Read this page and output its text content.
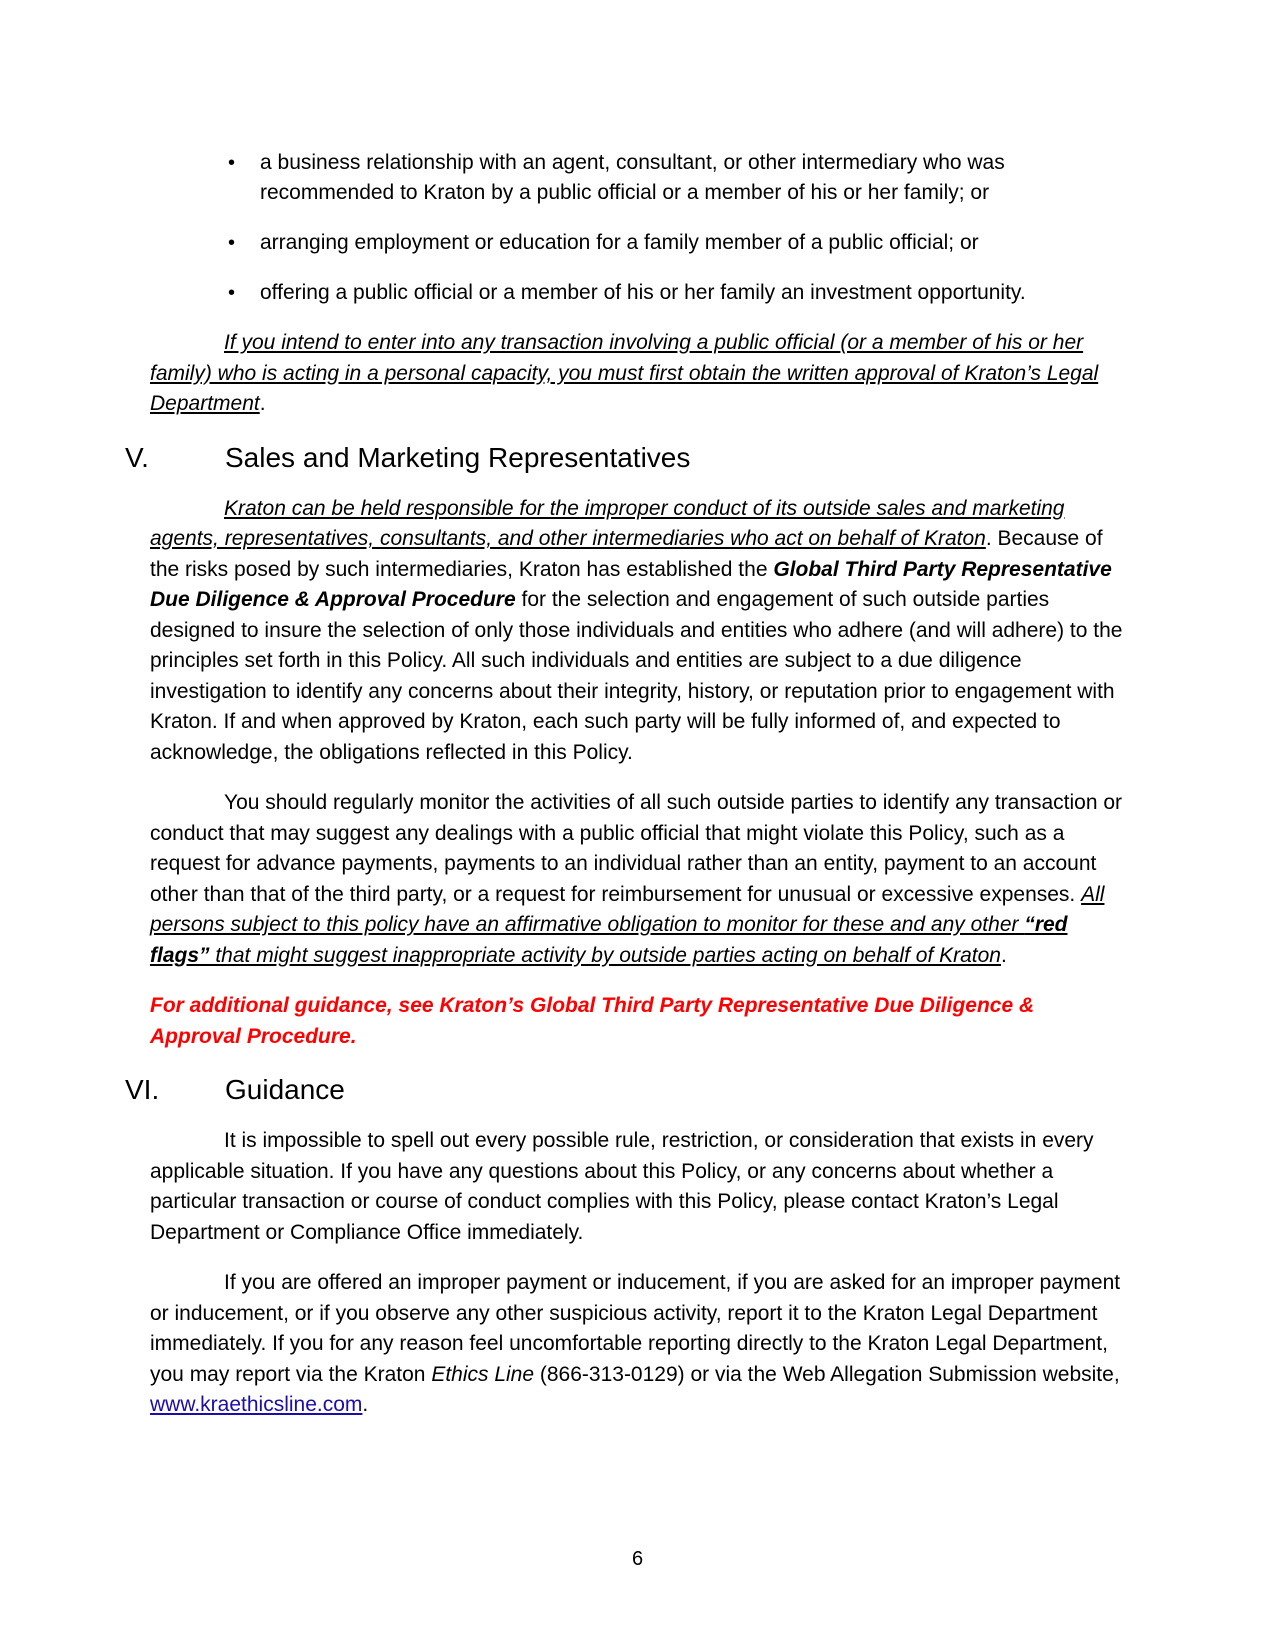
• a business relationship with an agent, consultant, or other intermediary who was recommended to Kraton by a public official or a member of his or her family; or
• arranging employment or education for a family member of a public official; or
• offering a public official or a member of his or her family an investment opportunity.

If you intend to enter into any transaction involving a public official (or a member of his or her family) who is acting in a personal capacity, you must first obtain the written approval of Kraton’s Legal Department.

V.	Sales and Marketing Representatives

Kraton can be held responsible for the improper conduct of its outside sales and marketing agents, representatives, consultants, and other intermediaries who act on behalf of Kraton. Because of the risks posed by such intermediaries, Kraton has established the Global Third Party Representative Due Diligence & Approval Procedure for the selection and engagement of such outside parties designed to insure the selection of only those individuals and entities who adhere (and will adhere) to the principles set forth in this Policy. All such individuals and entities are subject to a due diligence investigation to identify any concerns about their integrity, history, or reputation prior to engagement with Kraton. If and when approved by Kraton, each such party will be fully informed of, and expected to acknowledge, the obligations reflected in this Policy.

You should regularly monitor the activities of all such outside parties to identify any transaction or conduct that may suggest any dealings with a public official that might violate this Policy, such as a request for advance payments, payments to an individual rather than an entity, payment to an account other than that of the third party, or a request for reimbursement for unusual or excessive expenses. All persons subject to this policy have an affirmative obligation to monitor for these and any other “red flags” that might suggest inappropriate activity by outside parties acting on behalf of Kraton.

For additional guidance, see Kraton’s Global Third Party Representative Due Diligence & Approval Procedure.

VI. Guidance

It is impossible to spell out every possible rule, restriction, or consideration that exists in every applicable situation. If you have any questions about this Policy, or any concerns about whether a particular transaction or course of conduct complies with this Policy, please contact Kraton’s Legal Department or Compliance Office immediately.

If you are offered an improper payment or inducement, if you are asked for an improper payment or inducement, or if you observe any other suspicious activity, report it to the Kraton Legal Department immediately. If you for any reason feel uncomfortable reporting directly to the Kraton Legal Department, you may report via the Kraton Ethics Line (866-313-0129) or via the Web Allegation Submission website, www.kraethicsline.com.

6
